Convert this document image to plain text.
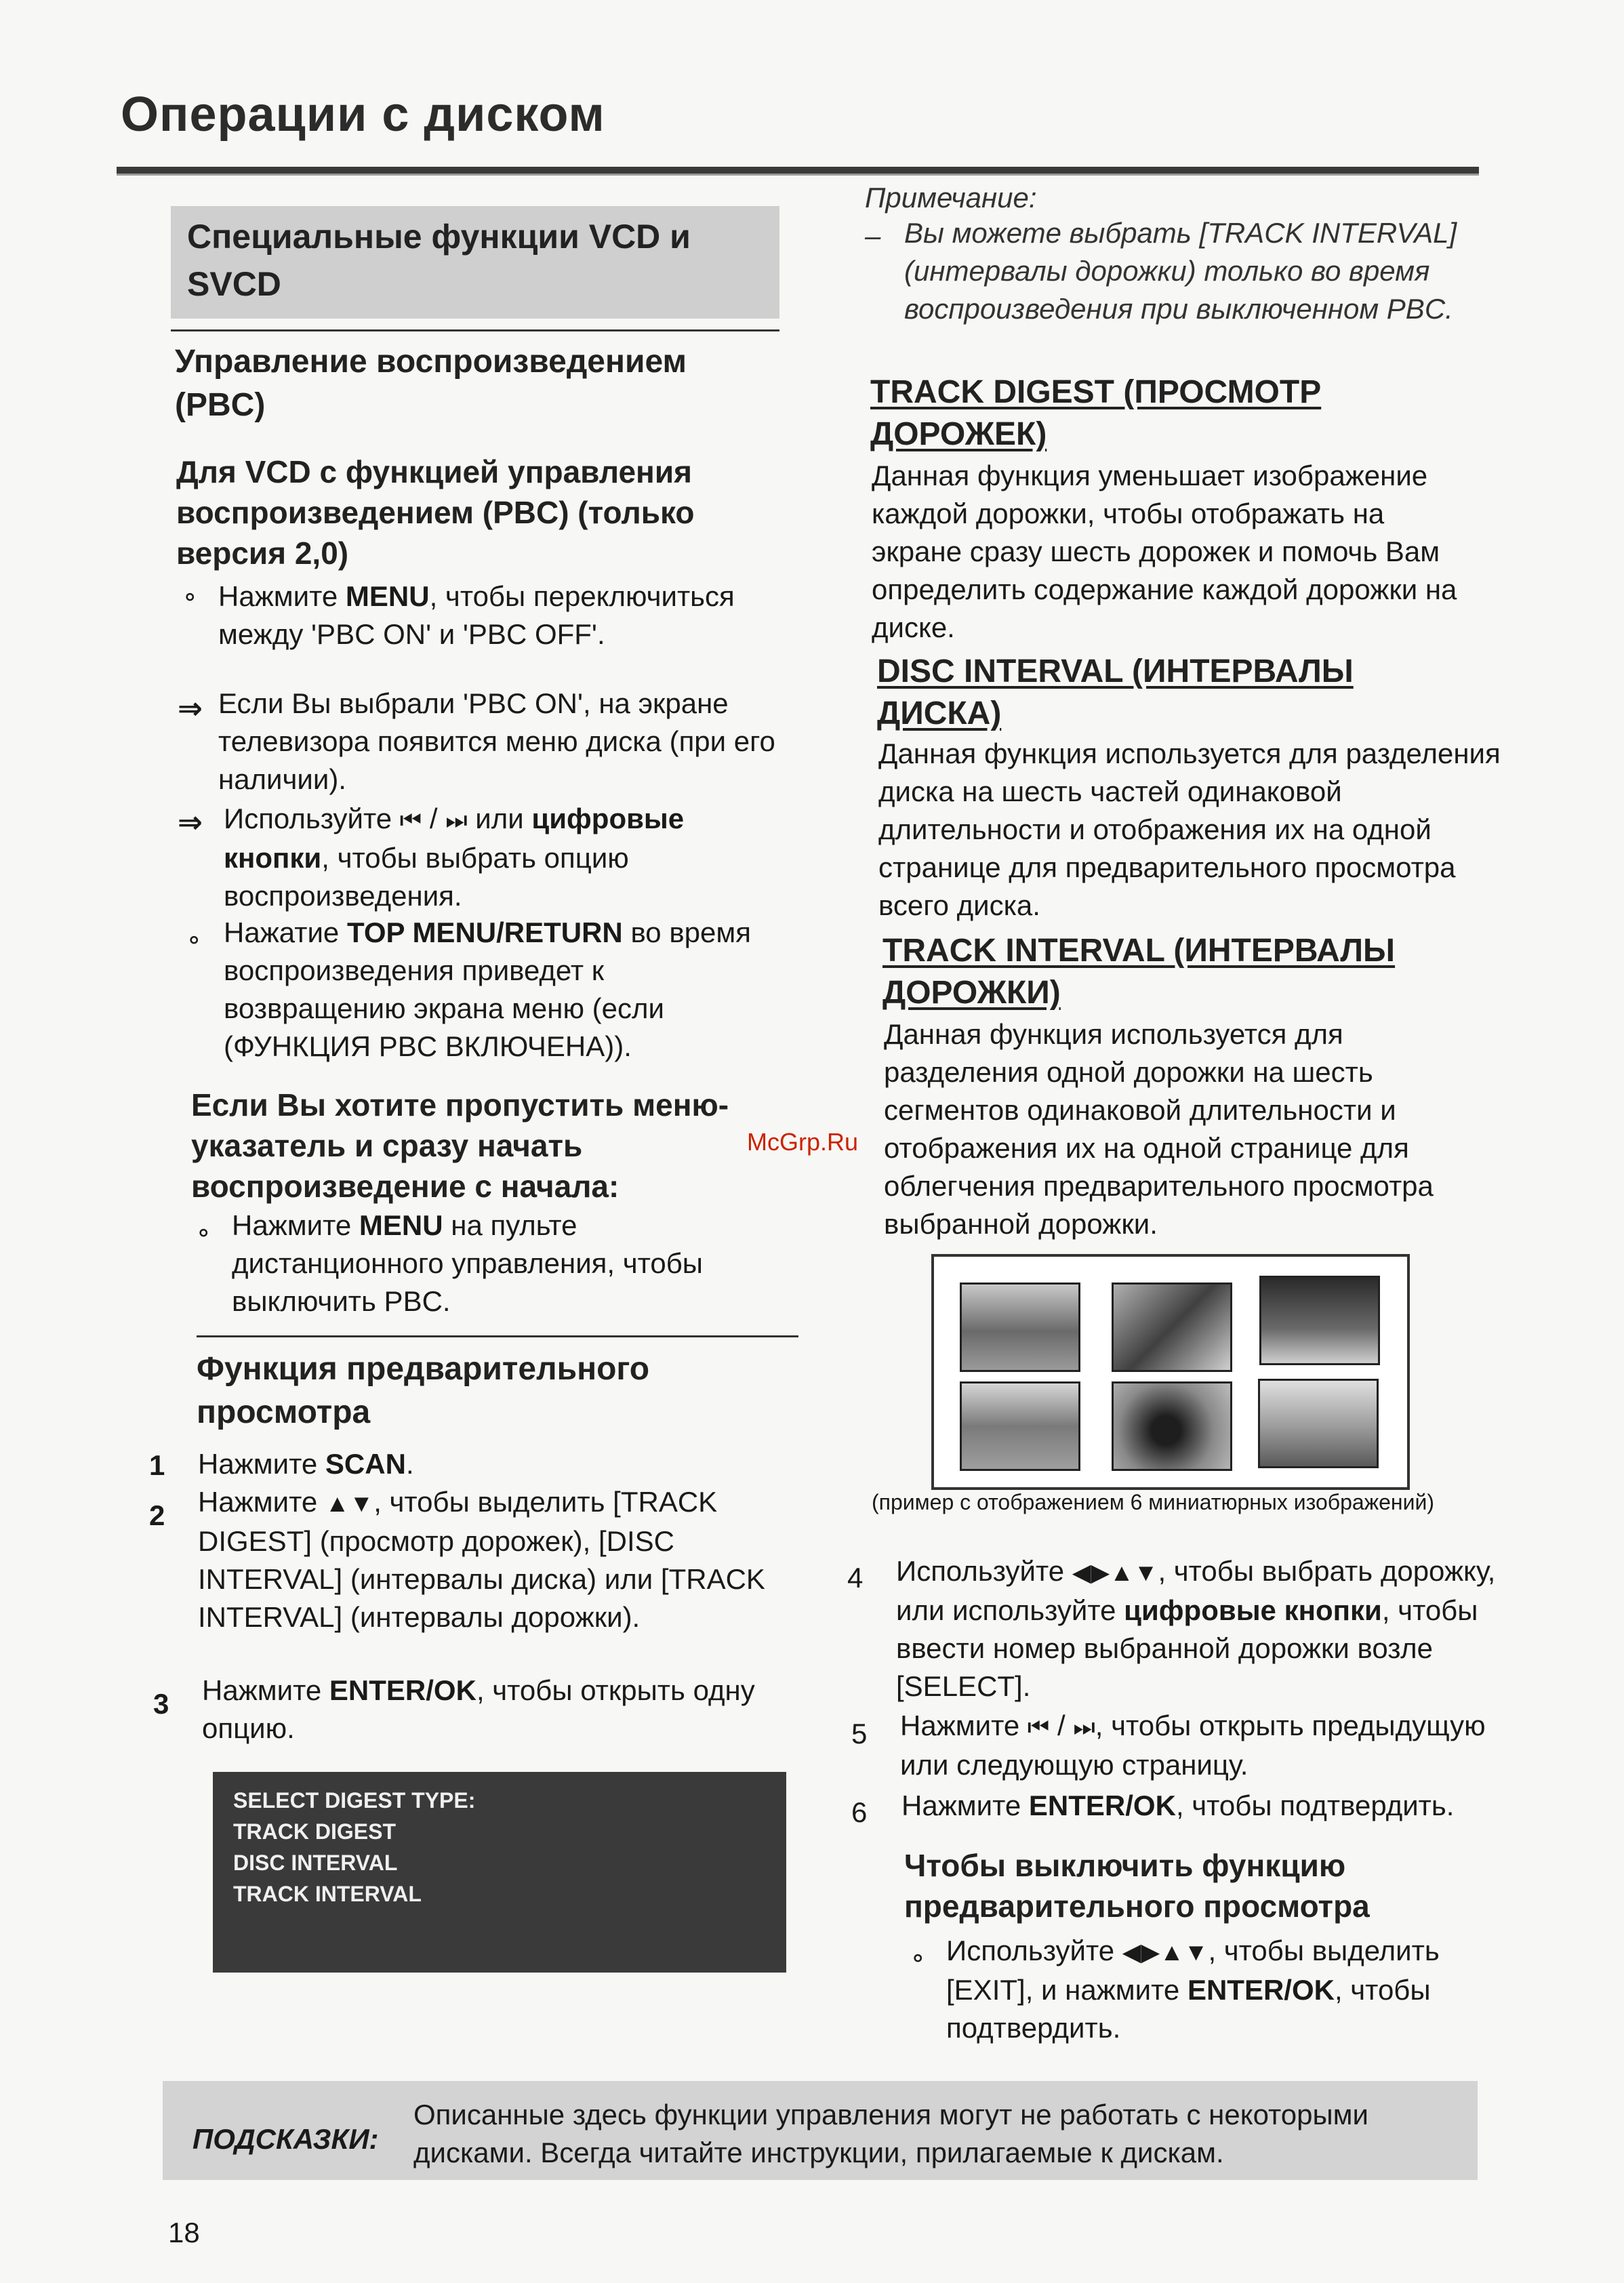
Операции с диском
Специальные функции VCD и SVCD
Управление воспроизведением (PBC)
Для VCD с функцией управления воспроизведением (PBC) (только версия 2,0)
⚬ Нажмите MENU, чтобы переключиться между 'PBC ON' и 'PBC OFF'.
⇒ Если Вы выбрали 'PBC ON', на экране телевизора появится меню диска (при его наличии).
⇒ Используйте ⏮ / ⏭ или цифровые кнопки, чтобы выбрать опцию воспроизведения.
⚬ Нажатие TOP MENU/RETURN во время воспроизведения приведет к возвращению экрана меню (если (ФУНКЦИЯ PBC ВКЛЮЧЕНА)).
Если Вы хотите пропустить меню-указатель и сразу начать воспроизведение с начала:
⚬ Нажмите MENU на пульте дистанционного управления, чтобы выключить PBC.
Функция предварительного просмотра
1 Нажмите SCAN.
2 Нажмите ▲▼, чтобы выделить [TRACK DIGEST] (просмотр дорожек), [DISC INTERVAL] (интервалы диска) или [TRACK INTERVAL] (интервалы дорожки).
3 Нажмите ENTER/OK, чтобы открыть одну опцию.
SELECT DIGEST TYPE:
TRACK DIGEST
DISC INTERVAL
TRACK INTERVAL
Примечание:
– Вы можете выбрать [TRACK INTERVAL] (интервалы дорожки) только во время воспроизведения при выключенном PBC.
TRACK DIGEST (ПРОСМОТР ДОРОЖЕК)
Данная функция уменьшает изображение каждой дорожки, чтобы отображать на экране сразу шесть дорожек и помочь Вам определить содержание каждой дорожки на диске.
DISC INTERVAL (ИНТЕРВАЛЫ ДИСКА)
Данная функция используется для разделения диска на шесть частей одинаковой длительности и отображения их на одной странице для предварительного просмотра всего диска.
TRACK INTERVAL (ИНТЕРВАЛЫ ДОРОЖКИ)
Данная функция используется для разделения одной дорожки на шесть сегментов одинаковой длительности и отображения их на одной странице для облегчения предварительного просмотра выбранной дорожки.
(пример с отображением 6 миниатюрных изображений)
4 Используйте ◀▶▲▼, чтобы выбрать дорожку, или используйте цифровые кнопки, чтобы ввести номер выбранной дорожки возле [SELECT].
5 Нажмите ⏮ / ⏭, чтобы открыть предыдущую или следующую страницу.
6 Нажмите ENTER/OK, чтобы подтвердить.
Чтобы выключить функцию предварительного просмотра
⚬ Используйте ◀▶▲▼, чтобы выделить [EXIT], и нажмите ENTER/OK, чтобы подтвердить.
ПОДСКАЗКИ:
Описанные здесь функции управления могут не работать с некоторыми дисками. Всегда читайте инструкции, прилагаемые к дискам.
McGrp.Ru
18
